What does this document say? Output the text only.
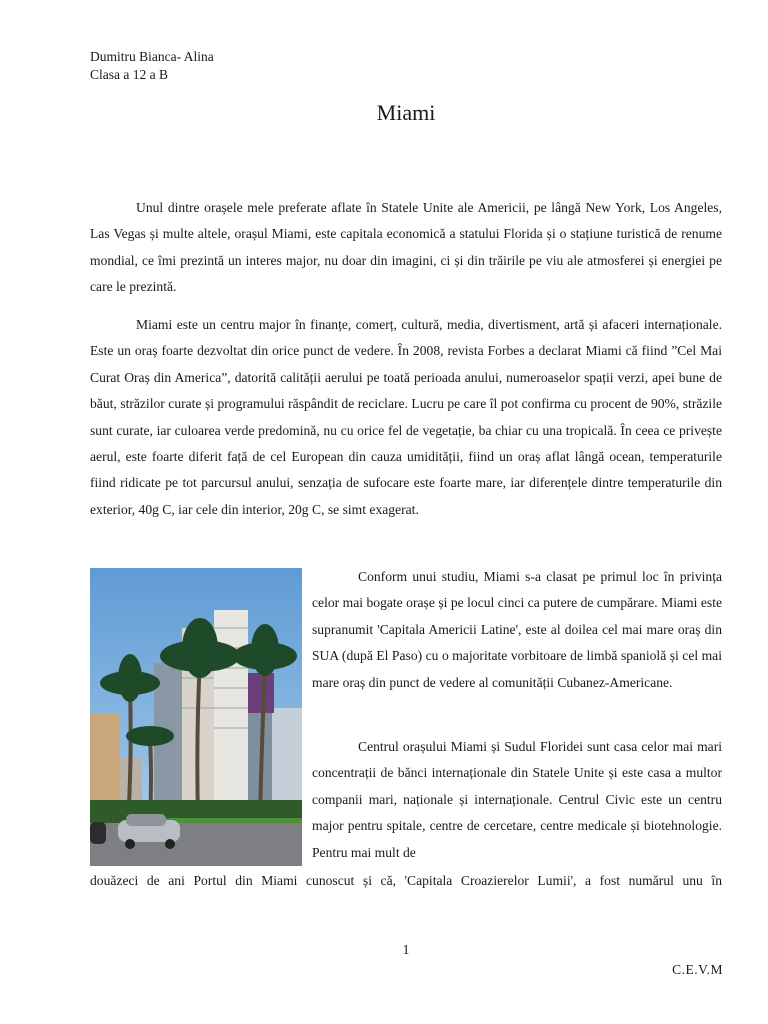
Dumitru Bianca- Alina
Clasa a 12 a B
Miami

Unul dintre orașele mele preferate aflate în Statele Unite ale Americii, pe lângă New York, Los Angeles, Las Vegas și multe altele, orașul Miami, este capitala economică a statului Florida și o stațiune turistică de renume mondial, ce îmi prezintă un interes major, nu doar din imagini, ci și din trăirile pe viu ale atmosferei și energiei pe care le prezintă.

Miami este un centru major în finanțe, comerț, cultură, media, divertisment, artă și afaceri internaționale. Este un oraș foarte dezvoltat din orice punct de vedere. În 2008, revista Forbes a declarat Miami că fiind ”Cel Mai Curat Oraș din America”, datorită calității aerului pe toată perioada anului, numeroaselor spații verzi, apei bune de băut, străzilor curate și programului răspândit de reciclare. Lucru pe care îl pot confirma cu procent de 90%, străzile sunt curate, iar culoarea verde predomină, nu cu orice fel de vegetație, ba chiar cu una tropicală. În ceea ce privește aerul, este foarte diferit față de cel European din cauza umidității, fiind un oraș aflat lângă ocean, temperaturile fiind ridicate pe tot parcursul anului, senzația de sufocare este foarte mare, iar diferențele dintre temperaturile din exterior, 40g C, iar cele din interior, 20g C, se simt exagerat.

Conform unui studiu, Miami s-a clasat pe primul loc în privința celor mai bogate orașe și pe locul cinci ca putere de cumpărare. Miami este supranumit 'Capitala Americii Latine', este al doilea cel mai mare oraș din SUA (după El Paso) cu o majoritate vorbitoare de limbă spaniolă și cel mai mare oraș din punct de vedere al comunității Cubanez-Americane.

Centrul orașului Miami și Sudul Floridei sunt casa celor mai mari concentrații de bănci internaționale din Statele Unite și este casa a multor companii mari, naționale și internaționale. Centrul Civic este un centru major pentru spitale, centre de cercetare, centre medicale și biotehnologie. Pentru mai mult de

douăzeci de ani Portul din Miami cunoscut și că, 'Capitala Croazierelor Lumii', a fost numărul unu în

1
C.E.V.M
